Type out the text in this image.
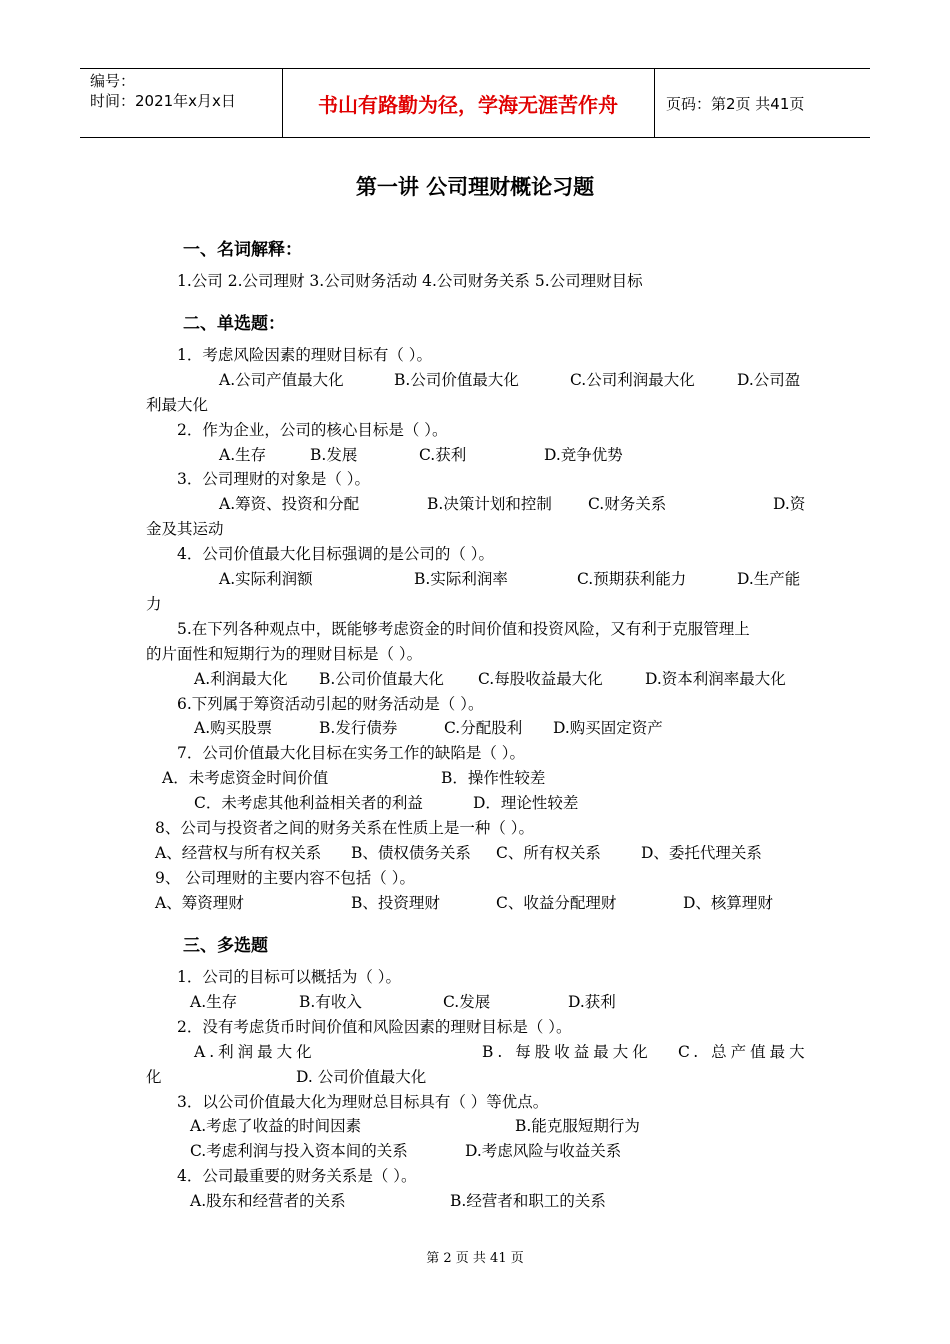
编号：
时间：2021年x月x日	书山有路勤为径，学海无涯苦作舟	页码：第2页 共41页
第一讲 公司理财概论习题
一、名词解释：
1.公司 2.公司理财 3.公司财务活动 4.公司财务关系 5.公司理财目标
二、单选题：
1．考虑风险因素的理财目标有（ ）。
A.公司产值最大化	B.公司价值最大化	C.公司利润最大化	D.公司盈
利最大化
2．作为企业，公司的核心目标是（ ）。
A.生存	B.发展	C.获利	D.竞争优势
3．公司理财的对象是（ ）。
A.筹资、投资和分配	B.决策计划和控制 C.财务关系	D.资
金及其运动
4．公司价值最大化目标强调的是公司的（ ）。
A.实际利润额	B.实际利润率	C.预期获利能力	D.生产能
力
5.在下列各种观点中，既能够考虑资金的时间价值和投资风险，又有利于克服管理上
的片面性和短期行为的理财目标是（ ）。
A.利润最大化 B.公司价值最大化 C.每股收益最大化	D.资本利润率最大化
6.下列属于筹资活动引起的财务活动是（ ）。
A.购买股票	B.发行债券	C.分配股利 D.购买固定资产
7．公司价值最大化目标在实务工作的缺陷是（ ）。
A．未考虑资金时间价值	B．操作性较差
C．未考虑其他利益相关者的利益	D．理论性较差
8、公司与投资者之间的财务关系在性质上是一种（ ）。
A、经营权与所有权关系 B、债权债务关系 C、所有权关系	D、委托代理关系
9、 公司理财的主要内容不包括（ ）。
A、筹资理财	B、投资理财	C、收益分配理财	D、核算理财
三、多选题
1．公司的目标可以概括为（ ）。
A.生存	B.有收入	C.发展	D.获利
2．没有考虑货币时间价值和风险因素的理财目标是（ ）。
A.利润最大化	B. 每股收益最大化 C. 总产值最大
化	D. 公司价值最大化
3．以公司价值最大化为理财总目标具有（ ）等优点。
A.考虑了收益的时间因素	B.能克服短期行为
C.考虑利润与投入资本间的关系	D.考虑风险与收益关系
4．公司最重要的财务关系是（ ）。
A.股东和经营者的关系	B.经营者和职工的关系
第 2 页 共 41 页
